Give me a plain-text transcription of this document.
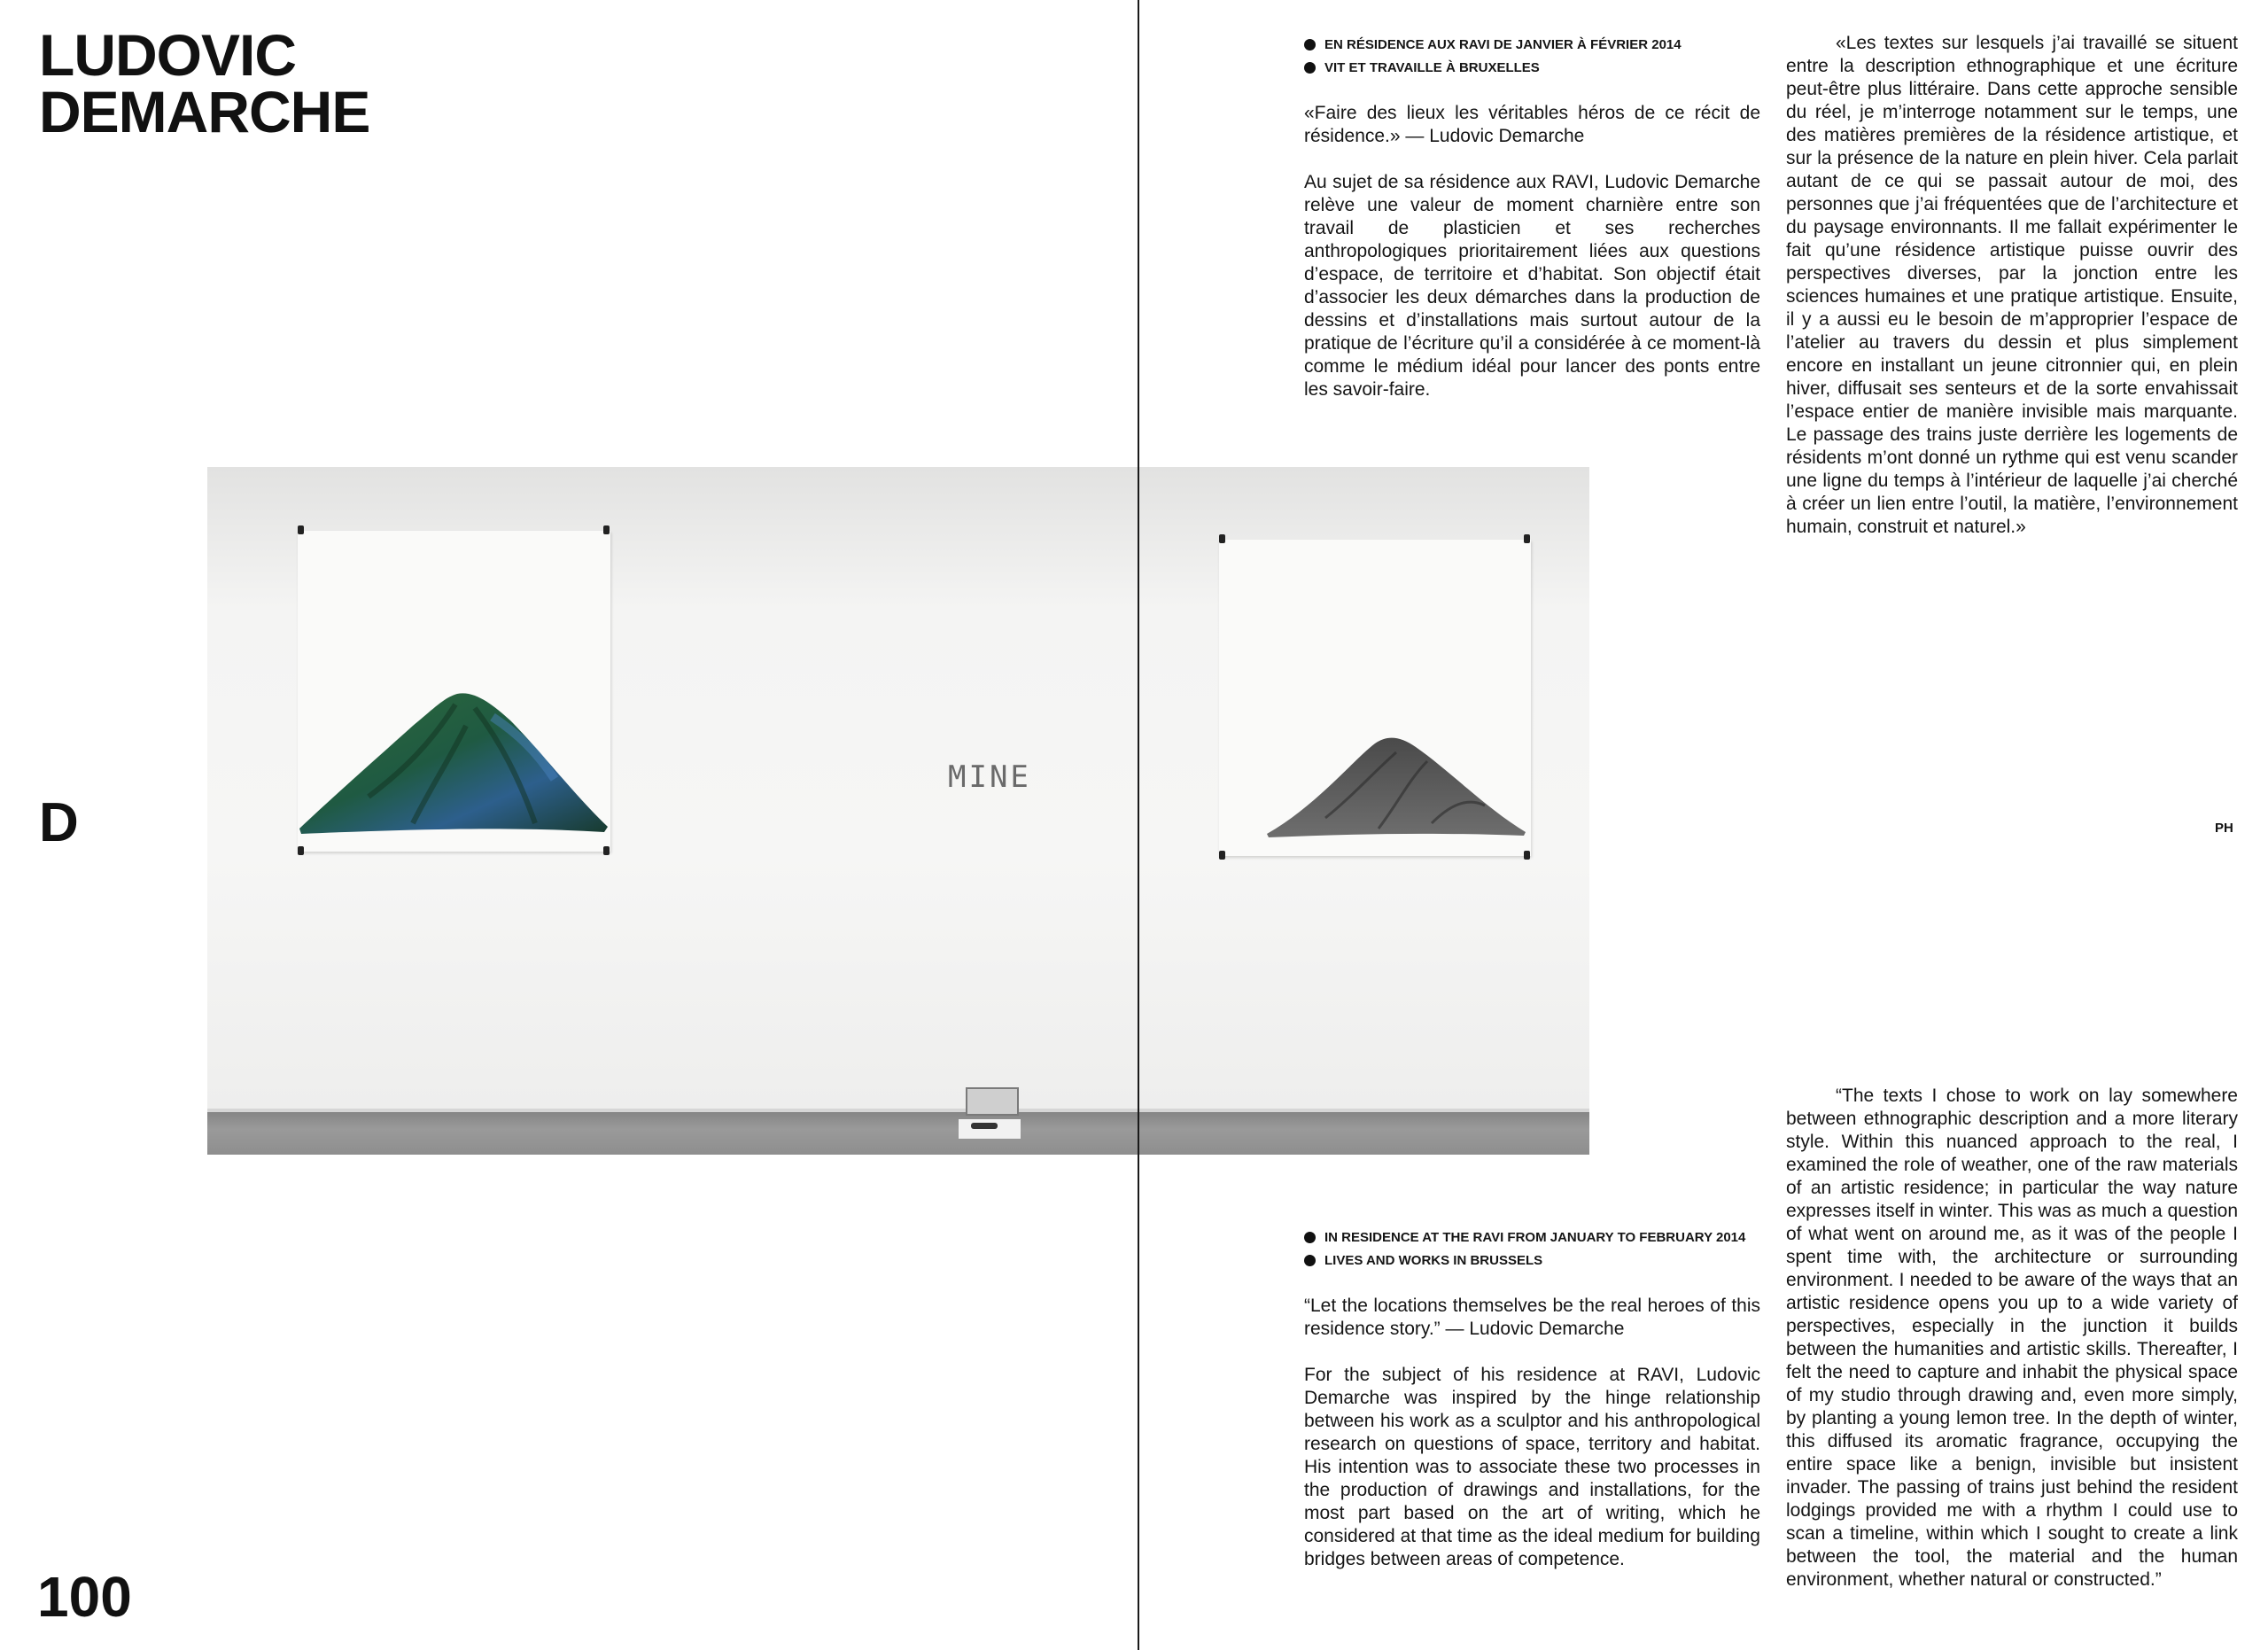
LUDOVIC
DEMARCHE
D
100
MINE
EN RÉSIDENCE AUX RAVI DE JANVIER À FÉVRIER 2014
VIT ET TRAVAILLE À BRUXELLES

«Faire des lieux les véritables héros de ce récit de résidence.» — Ludovic Demarche

Au sujet de sa résidence aux RAVI, Ludovic Demarche relève une valeur de moment charnière entre son travail de plasticien et ses recherches anthropologiques prioritairement liées aux questions d’espace, de territoire et d’habitat. Son objectif était d’associer les deux démarches dans la production de dessins et d’installations mais surtout autour de la pratique de l’écriture qu’il a considérée à ce moment-là comme le médium idéal pour lancer des ponts entre les savoir-faire.

«Les textes sur lesquels j’ai travaillé se situent entre la description ethnographique et une écriture peut-être plus littéraire. Dans cette approche sensible du réel, je m’interroge notamment sur le temps, une des matières premières de la résidence artistique, et sur la présence de la nature en plein hiver. Cela parlait autant de ce qui se passait autour de moi, des personnes que j’ai fréquentées que de l’architecture et du paysage environnants. Il me fallait expérimenter le fait qu’une résidence artistique puisse ouvrir des perspectives diverses, par la jonction entre les sciences humaines et une pratique artistique. Ensuite, il y a aussi eu le besoin de m’approprier l’espace de l’atelier au travers du dessin et plus simplement encore en installant un jeune citronnier qui, en plein hiver, diffusait ses senteurs et de la sorte envahissait l’espace entier de manière invisible mais marquante. Le passage des trains juste derrière les logements de résidents m’ont donné un rythme qui est venu scander une ligne du temps à l’intérieur de laquelle j’ai cherché à créer un lien entre l’outil, la matière, l’environnement humain, construit et naturel.»

PH
IN RESIDENCE AT THE RAVI FROM JANUARY TO FEBRUARY 2014
LIVES AND WORKS IN BRUSSELS

“Let the locations themselves be the real heroes of this residence story.” — Ludovic Demarche

For the subject of his residence at RAVI, Ludovic Demarche was inspired by the hinge relationship between his work as a sculptor and his anthropological research on questions of space, territory and habitat. His intention was to associate these two processes in the production of drawings and installations, for the most part based on the art of writing, which he considered at that time as the ideal medium for building bridges between areas of competence.

“The texts I chose to work on lay somewhere between ethnographic description and a more literary style. Within this nuanced approach to the real, I examined the role of weather, one of the raw materials of an artistic residence; in particular the way nature expresses itself in winter. This was as much a question of what went on around me, as it was of the people I spent time with, the architecture or surrounding environment. I needed to be aware of the ways that an artistic residence opens you up to a wide variety of perspectives, especially in the junction it builds between the humanities and artistic skills. Thereafter, I felt the need to capture and inhabit the physical space of my studio through drawing and, even more simply, by planting a young lemon tree. In the depth of winter, this diffused its aromatic fragrance, occupying the entire space like a benign, invisible but insistent invader. The passing of trains just behind the resident lodgings provided me with a rhythm I could use to scan a timeline, within which I sought to create a link between the tool, the material and the human environment, whether natural or constructed.”
